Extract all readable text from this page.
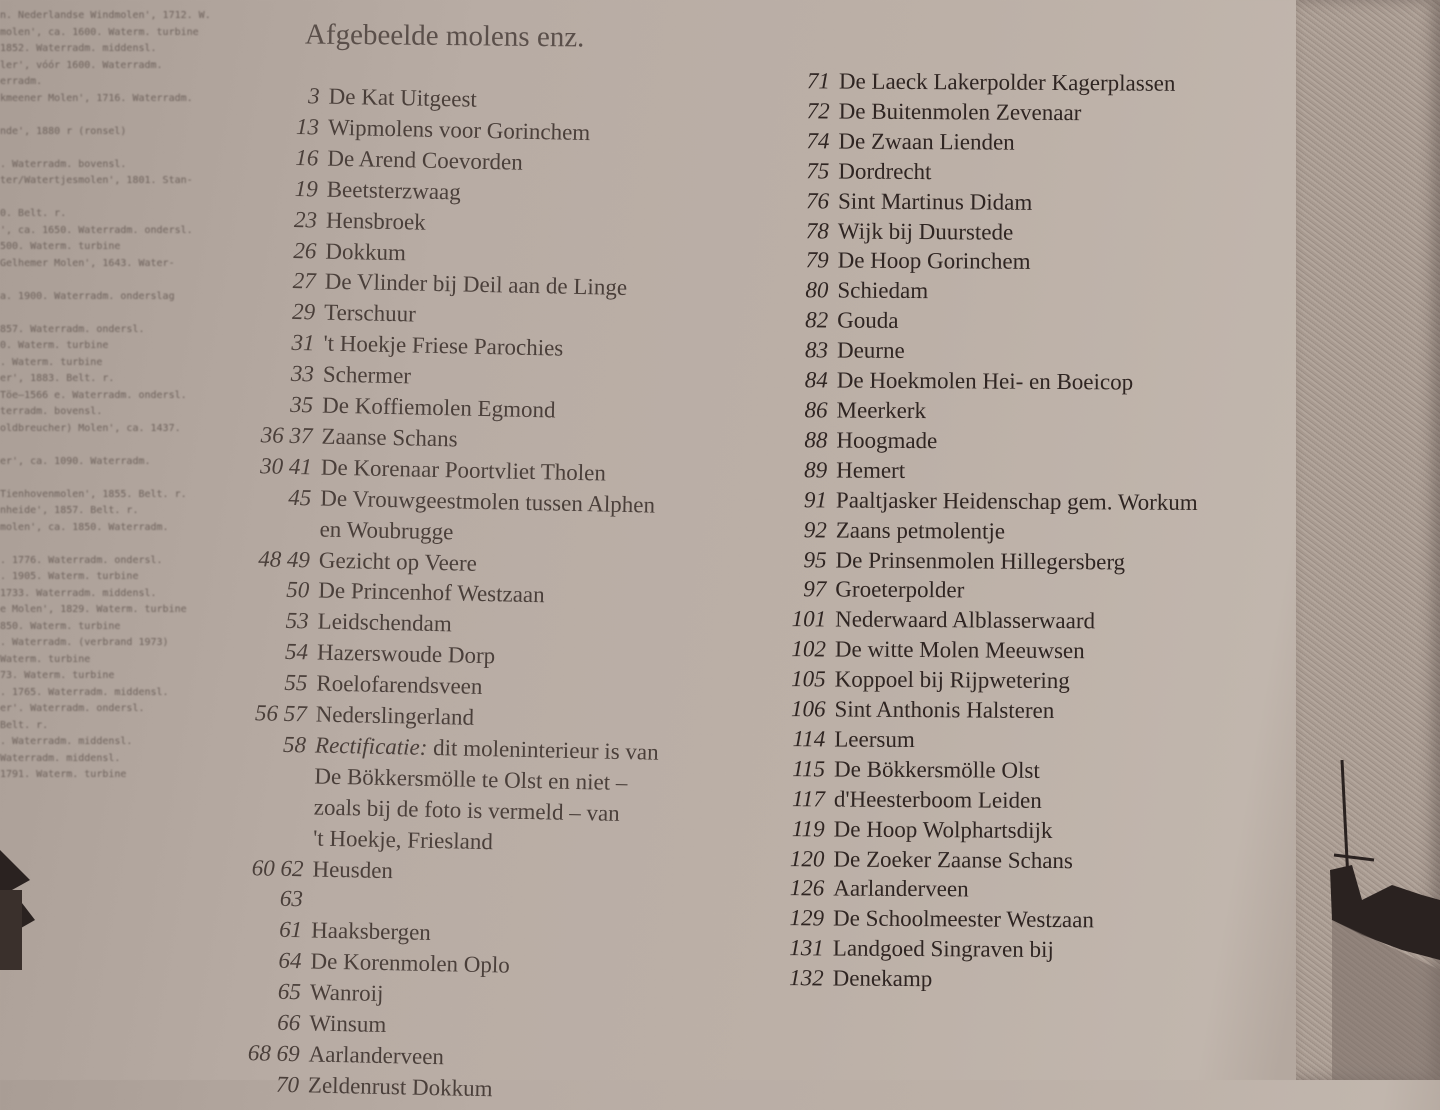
n. Nederlandse Windmolen', 1712. W.
molen', ca. 1600. Waterm. turbine
1852. Waterradm. middensl.
ler', vóór 1600. Waterradm.
erradm.
kmeener Molen', 1716. Waterradm.
nde', 1880 r (ronsel)
. Waterradm. bovensl.
ter/Watertjesmolen', 1801. Stan-
0. Belt. r.
', ca. 1650. Waterradm. ondersl.
500. Waterm. turbine
Gelhemer Molen', 1643. Water-
a. 1900. Waterradm. onderslag
857. Waterradm. ondersl.
0. Waterm. turbine
. Waterm. turbine
er', 1883. Belt. r.
Töe—1566 e. Waterradm. ondersl.
terradm. bovensl.
oldbreucher) Molen', ca. 1437.
er', ca. 1090. Waterradm.
Tienhovenmolen', 1855. Belt. r.
nheide', 1857. Belt. r.
molen', ca. 1850. Waterradm.
. 1776. Waterradm. ondersl.
. 1905. Waterm. turbine
1733. Waterradm. middensl.
e Molen', 1829. Waterm. turbine
850. Waterm. turbine
. Waterradm. (verbrand 1973)
Waterm. turbine
73. Waterm. turbine
. 1765. Waterradm. middensl.
er'. Waterradm. ondersl.
Belt. r.
. Waterradm. middensl.
Waterradm. middensl.
1791. Waterm. turbine
Afgebeelde molens enz.
3 De Kat Uitgeest
13 Wipmolens voor Gorinchem
16 De Arend Coevorden
19 Beetsterzwaag
23 Hensbroek
26 Dokkum
27 De Vlinder bij Deil aan de Linge
29 Terschuur
31 't Hoekje Friese Parochies
33 Schermer
35 De Koffiemolen Egmond
36 37 Zaanse Schans
30 41 De Korenaar Poortvliet Tholen
45 De Vrouwgeestmolen tussen Alphen
en Woubrugge
48 49 Gezicht op Veere
50 De Princenhof Westzaan
53 Leidschendam
54 Hazerswoude Dorp
55 Roelofarendsveen
56 57 Nederslingerland
58 Rectificatie: dit moleninterieur is van
De Bökkersmölle te Olst en niet –
zoals bij de foto is vermeld – van
't Hoekje, Friesland
60 62 63
Heusden
61 Haaksbergen
64 De Korenmolen Oplo
65 Wanroij
66 Winsum
68 69 Aarlanderveen
70 Zeldenrust Dokkum
71 De Laeck Lakerpolder Kagerplassen
72 De Buitenmolen Zevenaar
74 De Zwaan Lienden
75 Dordrecht
76 Sint Martinus Didam
78 Wijk bij Duurstede
79 De Hoop Gorinchem
80 Schiedam
82 Gouda
83 Deurne
84 De Hoekmolen Hei- en Boeicop
86 Meerkerk
88 Hoogmade
89 Hemert
91 Paaltjasker Heidenschap gem. Workum
92 Zaans petmolentje
95 De Prinsenmolen Hillegersberg
97 Groeterpolder
101 Nederwaard Alblasserwaard
102 De witte Molen Meeuwsen
105 Koppoel bij Rijpwetering
106 Sint Anthonis Halsteren
114 Leersum
115 De Bökkersmölle Olst
117 d'Heesterboom Leiden
119 De Hoop Wolphartsdijk
120 De Zoeker Zaanse Schans
126 Aarlanderveen
129 De Schoolmeester Westzaan
131 132
Landgoed Singraven bij
Denekamp
